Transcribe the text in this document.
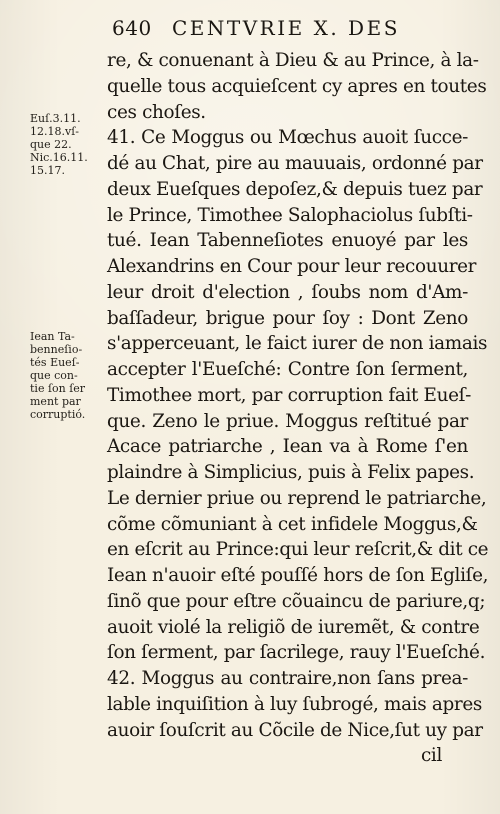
640 CENTVRIE X. DES
Euſ.3.11.
12.18.vſ-
que 22.
Nic.16.11.
15.17.
Iean Ta-
benneſio-
tés Eueſ-
que con-
tie ſon ſer
ment par
corruptió.
re, & conuenant à Dieu & au Prince, à la-
quelle tous acquieſcent cy apres en toutes
ces choſes.
41. Ce Moggus ou Mœchus auoit ſucce-
dé au Chat, pire au mauuais, ordonné par
deux Eueſques depoſez,& depuis tuez par
le Prince, Timothee Salophaciolus ſubſti-
tué. Iean Tabenneſiotes enuoyé par les
Alexandrins en Cour pour leur recouurer
leur droit d'election , ſoubs nom d'Am-
baſſadeur, brigue pour ſoy : Dont Zeno
s'apperceuant, le faict iurer de non iamais
accepter l'Eueſché: Contre ſon ſerment,
Timothee mort, par corruption fait Eueſ-
que. Zeno le priue. Moggus reſtitué par
Acace patriarche , Iean va à Rome ſ'en
plaindre à Simplicius, puis à Felix papes.
Le dernier priue ou reprend le patriarche,
cõme cõmuniant à cet infidele Moggus,&
en eſcrit au Prince:qui leur reſcrit,& dit ce
Iean n'auoir eſté pouſſé hors de ſon Egliſe,
ſinõ que pour eſtre cõuaincu de pariure,q;
auoit violé la religiõ de iuremẽt, & contre
ſon ſerment, par ſacrilege, rauy l'Eueſché.
42. Moggus au contraire,non ſans prea-
lable inquiſition à luy ſubrogé, mais apres
auoir ſouſcrit au Cõcile de Nice,ſut uy par
cil
